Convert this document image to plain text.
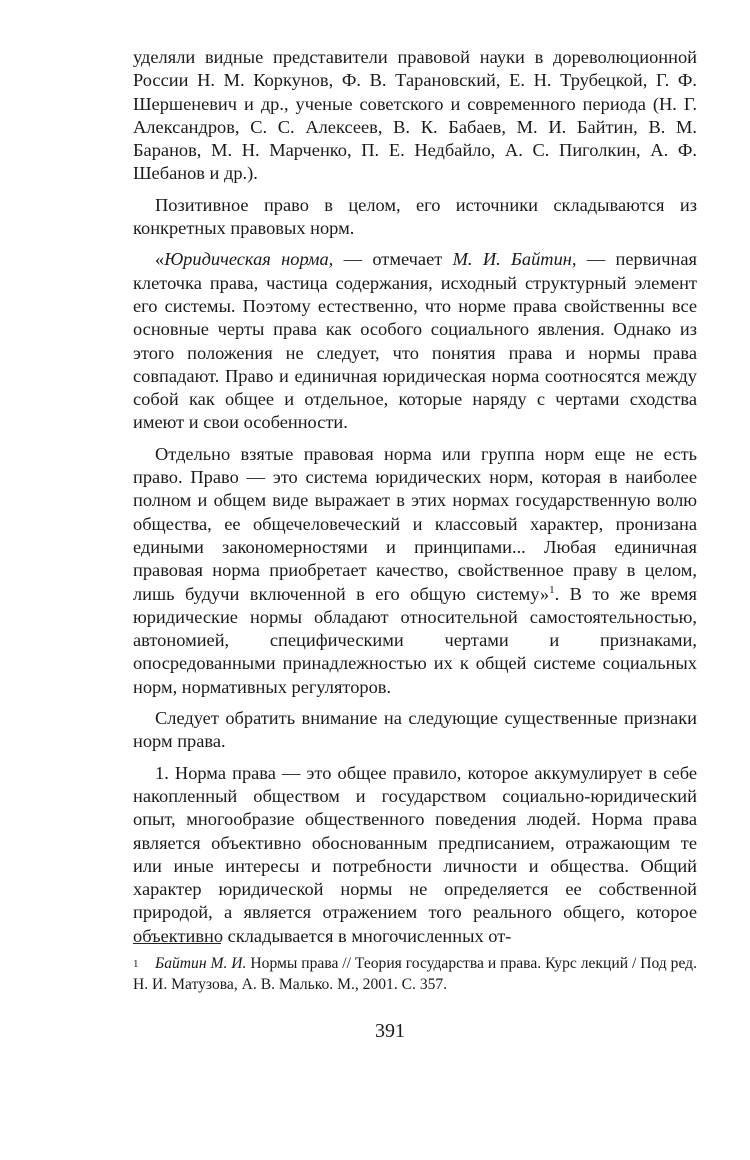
уделяли видные представители правовой науки в дореволюционной России Н. М. Коркунов, Ф. В. Тарановский, Е. Н. Трубецкой, Г. Ф. Шершеневич и др., ученые советского и современного периода (Н. Г. Александров, С. С. Алексеев, В. К. Бабаев, М. И. Байтин, В. М. Баранов, М. Н. Марченко, П. Е. Недбайло, А. С. Пиголкин, А. Ф. Шебанов и др.).

Позитивное право в целом, его источники складываются из конкретных правовых норм.

«Юридическая норма, — отмечает М. И. Байтин, — первичная клеточка права, частица содержания, исходный структурный элемент его системы. Поэтому естественно, что норме права свойственны все основные черты права как особого социального явления. Однако из этого положения не следует, что понятия права и нормы права совпадают. Право и единичная юридическая норма соотносятся между собой как общее и отдельное, которые наряду с чертами сходства имеют и свои особенности.

Отдельно взятые правовая норма или группа норм еще не есть право. Право — это система юридических норм, которая в наиболее полном и общем виде выражает в этих нормах государственную волю общества, ее общечеловеческий и классовый характер, пронизана едиными закономерностями и принципами... Любая единичная правовая норма приобретает качество, свойственное праву в целом, лишь будучи включенной в его общую систему»$^1$. В то же время юридические нормы обладают относительной самостоятельностью, автономией, специфическими чертами и признаками, опосредованными принадлежностью их к общей системе социальных норм, нормативных регуляторов.

Следует обратить внимание на следующие существенные признаки норм права.

1. Норма права — это общее правило, которое аккумулирует в себе накопленный обществом и государством социально-юридический опыт, многообразие общественного поведения людей. Норма права является объективно обоснованным предписанием, отражающим те или иные интересы и потребности личности и общества. Общий характер юридической нормы не определяется ее собственной природой, а является отражением того реального общего, которое объективно складывается в многочисленных от-

1 Байтин М. И. Нормы права // Теория государства и права. Курс лекций / Под ред. Н. И. Матузова, А. В. Малько. М., 2001. С. 357.
391
